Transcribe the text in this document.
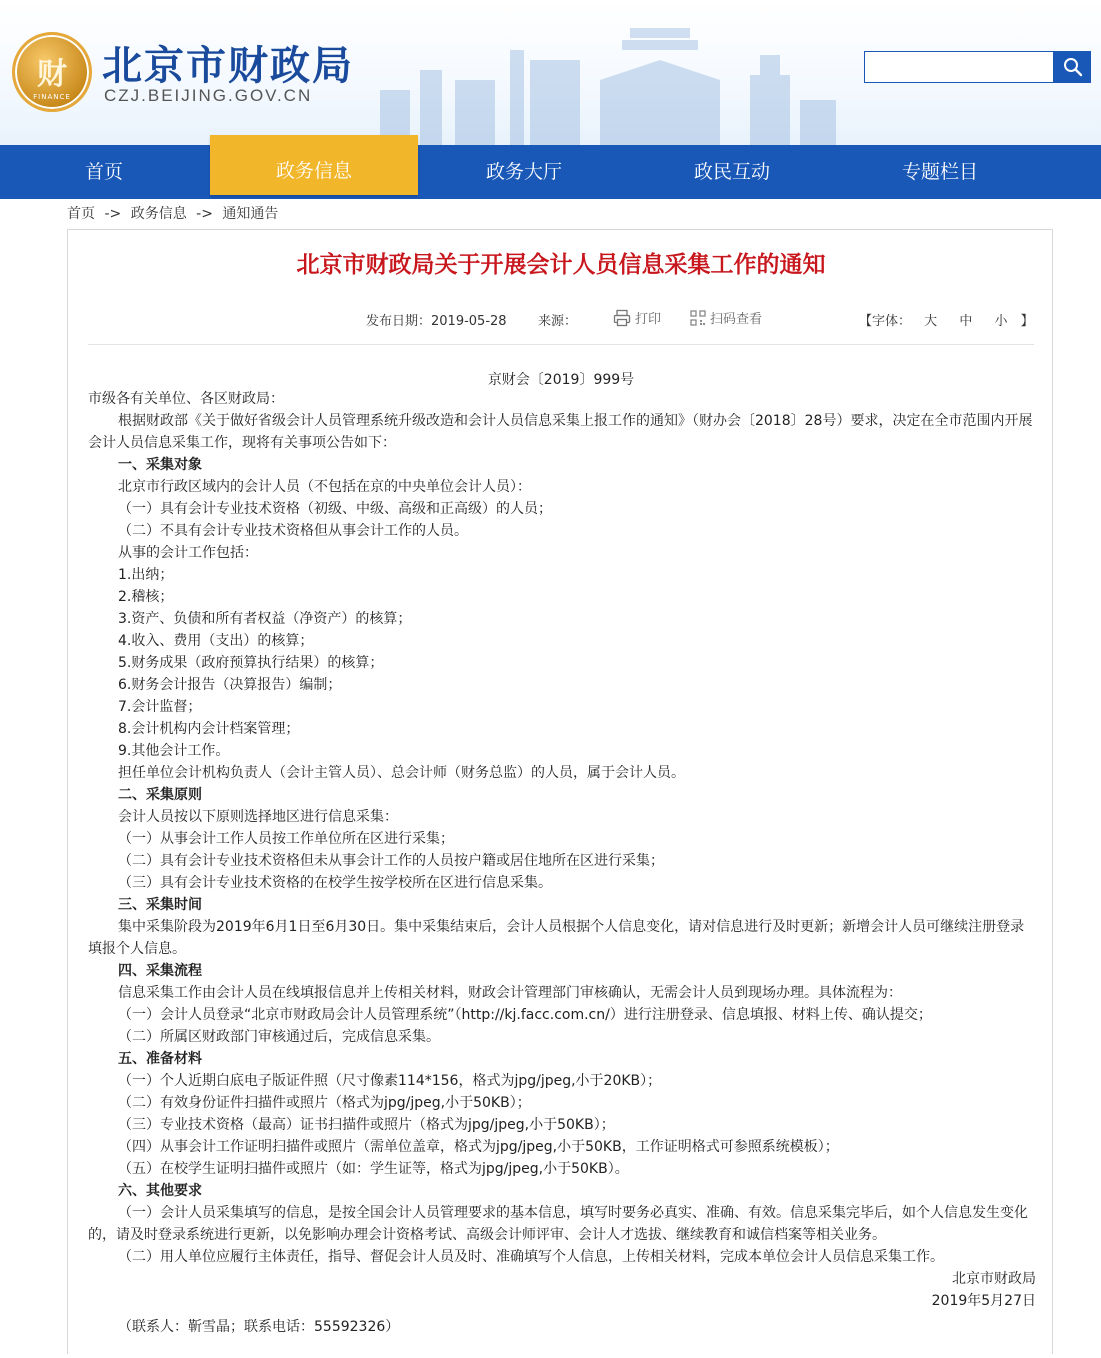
财
FINANCE
北京市财政局
CZJ.BEIJING.GOV.CN
首页	政务信息	政务大厅	政民互动	专题栏目
首页 -> 政务信息 -> 通知通告
北京市财政局关于开展会计人员信息采集工作的通知
发布日期：2019-05-28 来源：	打印	扫码查看	【字体： 大 中 小 】
京财会〔2019〕999号

市级各有关单位、各区财政局：

根据财政部《关于做好省级会计人员管理系统升级改造和会计人员信息采集上报工作的通知》（财办会〔2018〕28号）要求，决定在全市范围内开展会计人员信息采集工作，现将有关事项公告如下：

一、采集对象

北京市行政区域内的会计人员（不包括在京的中央单位会计人员）：

（一）具有会计专业技术资格（初级、中级、高级和正高级）的人员；

（二）不具有会计专业技术资格但从事会计工作的人员。

从事的会计工作包括：

1.出纳；

2.稽核；

3.资产、负债和所有者权益（净资产）的核算；

4.收入、费用（支出）的核算；

5.财务成果（政府预算执行结果）的核算；

6.财务会计报告（决算报告）编制；

7.会计监督；

8.会计机构内会计档案管理；

9.其他会计工作。

担任单位会计机构负责人（会计主管人员）、总会计师（财务总监）的人员，属于会计人员。

二、采集原则

会计人员按以下原则选择地区进行信息采集：

（一）从事会计工作人员按工作单位所在区进行采集；

（二）具有会计专业技术资格但未从事会计工作的人员按户籍或居住地所在区进行采集；

（三）具有会计专业技术资格的在校学生按学校所在区进行信息采集。

三、采集时间

集中采集阶段为2019年6月1日至6月30日。集中采集结束后，会计人员根据个人信息变化，请对信息进行及时更新；新增会计人员可继续注册登录填报个人信息。

四、采集流程

信息采集工作由会计人员在线填报信息并上传相关材料，财政会计管理部门审核确认，无需会计人员到现场办理。具体流程为：

（一）会计人员登录“北京市财政局会计人员管理系统”（http://kj.facc.com.cn/）进行注册登录、信息填报、材料上传、确认提交；

（二）所属区财政部门审核通过后，完成信息采集。

五、准备材料

（一）个人近期白底电子版证件照（尺寸像素114*156，格式为jpg/jpeg,小于20KB）；

（二）有效身份证件扫描件或照片（格式为jpg/jpeg,小于50KB）；

（三）专业技术资格（最高）证书扫描件或照片（格式为jpg/jpeg,小于50KB）；

（四）从事会计工作证明扫描件或照片（需单位盖章，格式为jpg/jpeg,小于50KB，工作证明格式可参照系统模板）；

（五）在校学生证明扫描件或照片（如：学生证等，格式为jpg/jpeg,小于50KB）。

六、其他要求

（一）会计人员采集填写的信息，是按全国会计人员管理要求的基本信息，填写时要务必真实、准确、有效。信息采集完毕后，如个人信息发生变化的，请及时登录系统进行更新，以免影响办理会计资格考试、高级会计师评审、会计人才选拔、继续教育和诚信档案等相关业务。

（二）用人单位应履行主体责任，指导、督促会计人员及时、准确填写个人信息，上传相关材料，完成本单位会计人员信息采集工作。

北京市财政局

2019年5月27日

（联系人：靳雪晶；联系电话：55592326）
